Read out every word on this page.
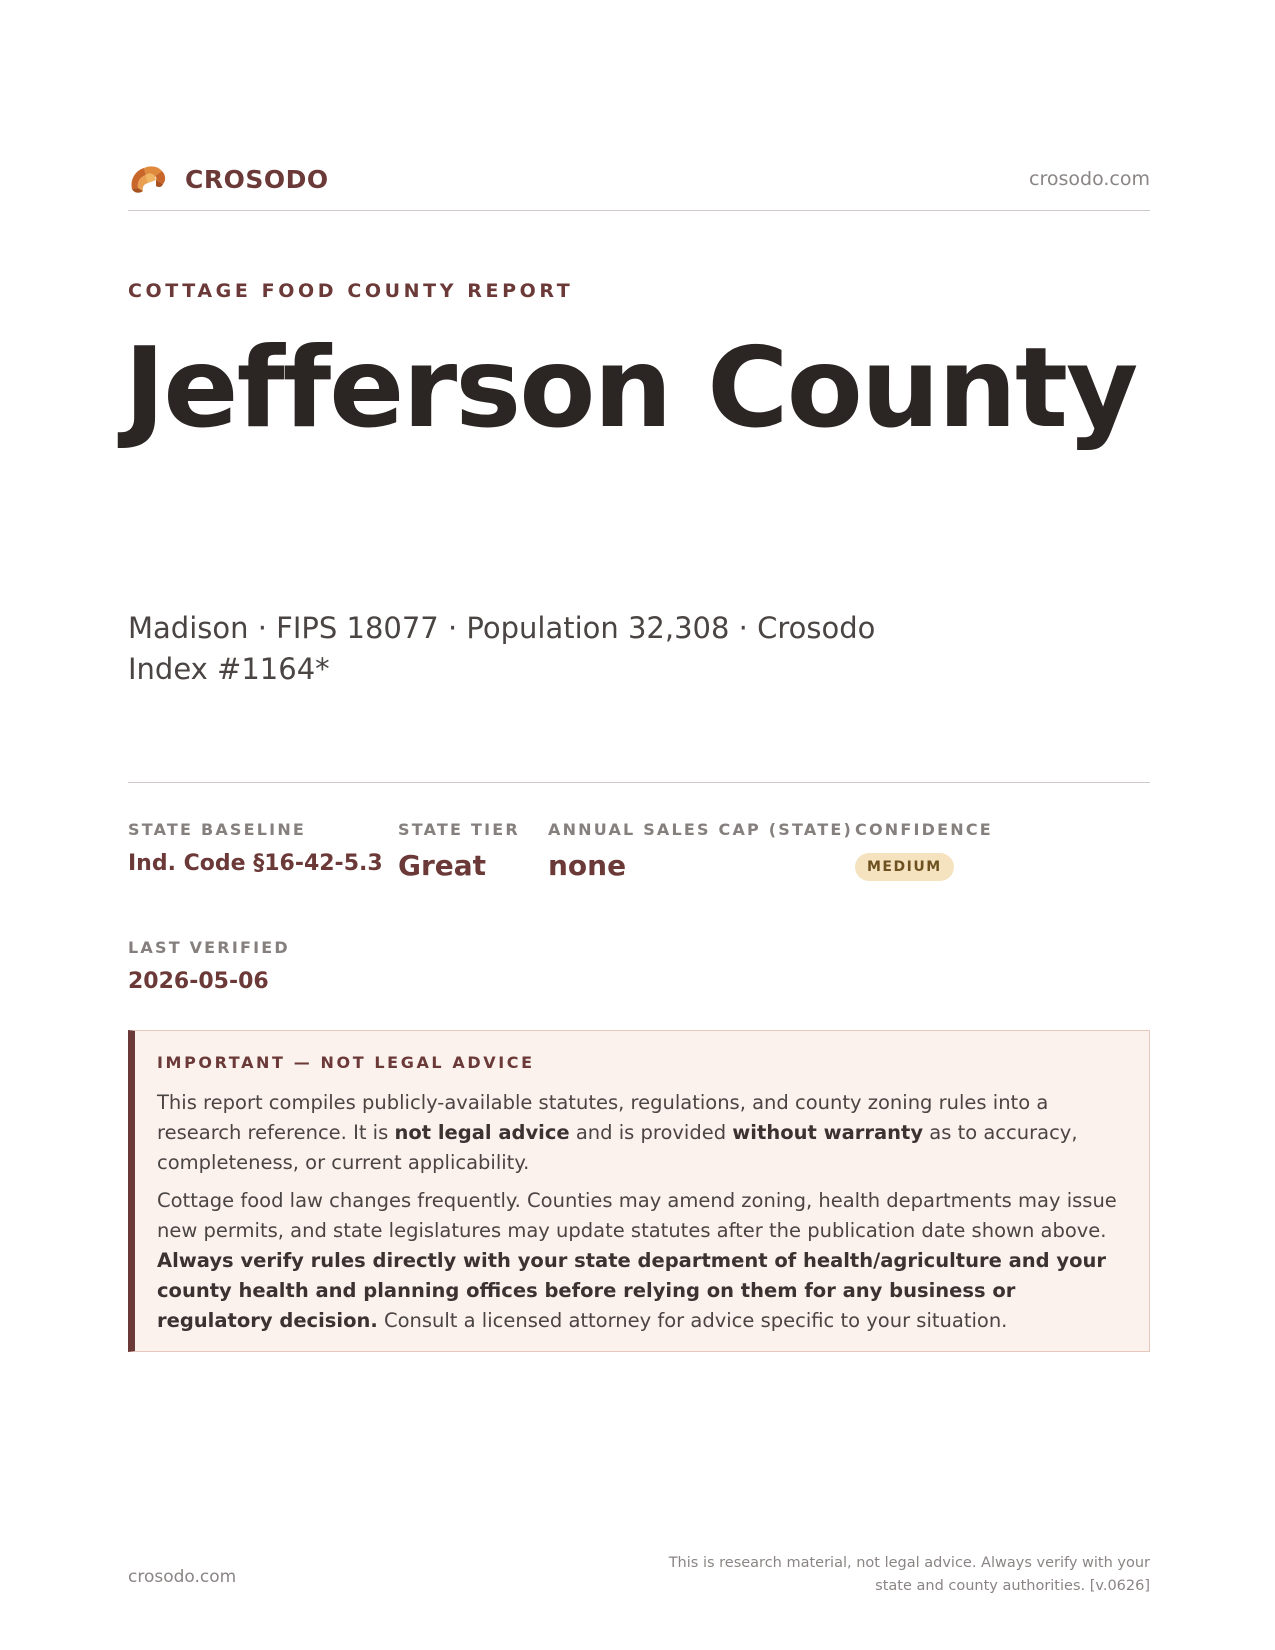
CROSODO	crosodo.com
COTTAGE FOOD COUNTY REPORT
Jefferson County
Madison · FIPS 18077 · Population 32,308 · Crosodo Index #1164*
STATE BASELINE
Ind. Code §16-42-5.3
STATE TIER
Great
ANNUAL SALES CAP (STATE)
none
CONFIDENCE
MEDIUM
LAST VERIFIED
2026-05-06
IMPORTANT — NOT LEGAL ADVICE

This report compiles publicly-available statutes, regulations, and county zoning rules into a research reference. It is not legal advice and is provided without warranty as to accuracy, completeness, or current applicability.

Cottage food law changes frequently. Counties may amend zoning, health departments may issue new permits, and state legislatures may update statutes after the publication date shown above. Always verify rules directly with your state department of health/agriculture and your county health and planning offices before relying on them for any business or regulatory decision. Consult a licensed attorney for advice specific to your situation.

crosodo.com
This is research material, not legal advice. Always verify with your state and county authorities. [v.0626]
